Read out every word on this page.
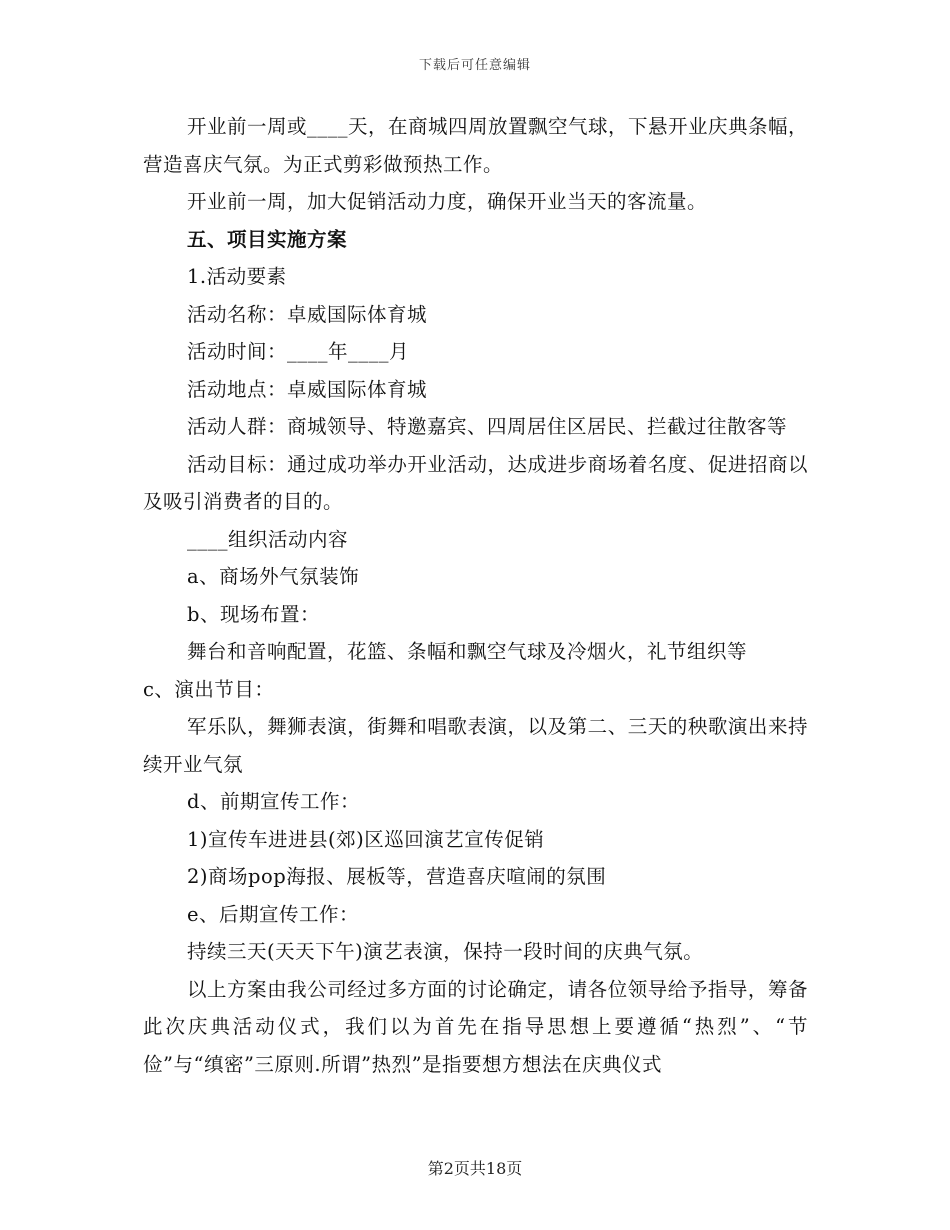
下载后可任意编辑

开业前一周或____天，在商城四周放置飘空气球，下悬开业庆典条幅，营造喜庆气氛。为正式剪彩做预热工作。

开业前一周，加大促销活动力度，确保开业当天的客流量。

五、项目实施方案

1.活动要素

活动名称：卓威国际体育城

活动时间：____年____月

活动地点：卓威国际体育城

活动人群：商城领导、特邀嘉宾、四周居住区居民、拦截过往散客等

活动目标：通过成功举办开业活动，达成进步商场着名度、促进招商以及吸引消费者的目的。

____组织活动内容

a、商场外气氛装饰

b、现场布置：

舞台和音响配置，花篮、条幅和飘空气球及冷烟火，礼节组织等

c、演出节目：

军乐队，舞狮表演，街舞和唱歌表演，以及第二、三天的秧歌演出来持续开业气氛

d、前期宣传工作：

1)宣传车进进县(郊)区巡回演艺宣传促销

2)商场pop海报、展板等，营造喜庆喧闹的氛围

e、后期宣传工作：

持续三天(天天下午)演艺表演，保持一段时间的庆典气氛。

以上方案由我公司经过多方面的讨论确定，请各位领导给予指导，筹备此次庆典活动仪式，我们以为首先在指导思想上要遵循“热烈”、“节俭”与“缜密”三原则.所谓”热烈”是指要想方想法在庆典仪式

第2页共18页
